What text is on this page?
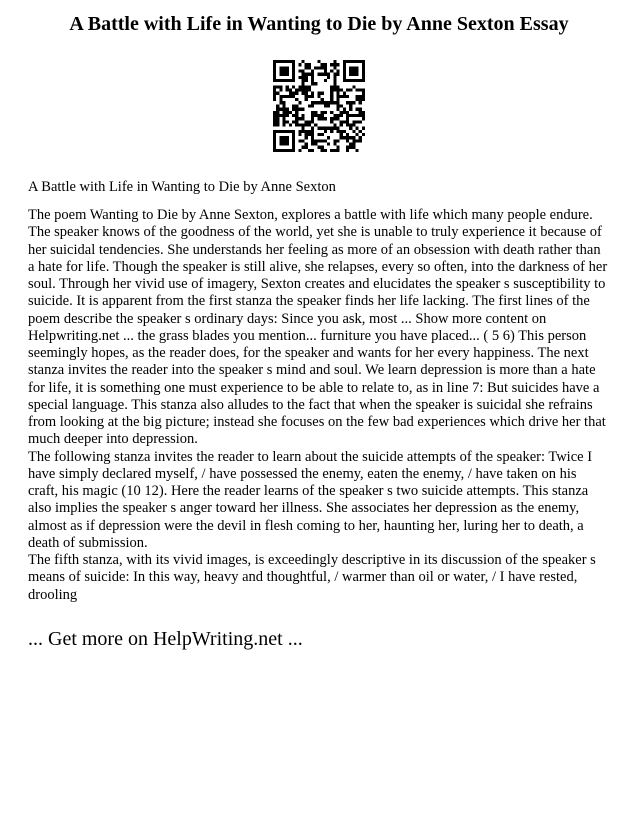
A Battle with Life in Wanting to Die by Anne Sexton Essay
A Battle with Life in Wanting to Die by Anne Sexton

The poem Wanting to Die by Anne Sexton, explores a battle with life which many people endure. The speaker knows of the goodness of the world, yet she is unable to truly experience it because of her suicidal tendencies. She understands her feeling as more of an obsession with death rather than a hate for life. Though the speaker is still alive, she relapses, every so often, into the darkness of her soul. Through her vivid use of imagery, Sexton creates and elucidates the speaker s susceptibility to suicide. It is apparent from the first stanza the speaker finds her life lacking. The first lines of the poem describe the speaker s ordinary days: Since you ask, most ... Show more content on Helpwriting.net ... the grass blades you mention... furniture you have placed... ( 5 6) This person seemingly hopes, as the reader does, for the speaker and wants for her every happiness. The next stanza invites the reader into the speaker s mind and soul. We learn depression is more than a hate for life, it is something one must experience to be able to relate to, as in line 7: But suicides have a special language. This stanza also alludes to the fact that when the speaker is suicidal she refrains from looking at the big picture; instead she focuses on the few bad experiences which drive her that much deeper into depression.

The following stanza invites the reader to learn about the suicide attempts of the speaker: Twice I have simply declared myself, / have possessed the enemy, eaten the enemy, / have taken on his craft, his magic (10 12). Here the reader learns of the speaker s two suicide attempts. This stanza also implies the speaker s anger toward her illness. She associates her depression as the enemy, almost as if depression were the devil in flesh coming to her, haunting her, luring her to death, a death of submission.

The fifth stanza, with its vivid images, is exceedingly descriptive in its discussion of the speaker s means of suicide: In this way, heavy and thoughtful, / warmer than oil or water, / I have rested, drooling

... Get more on HelpWriting.net ...
